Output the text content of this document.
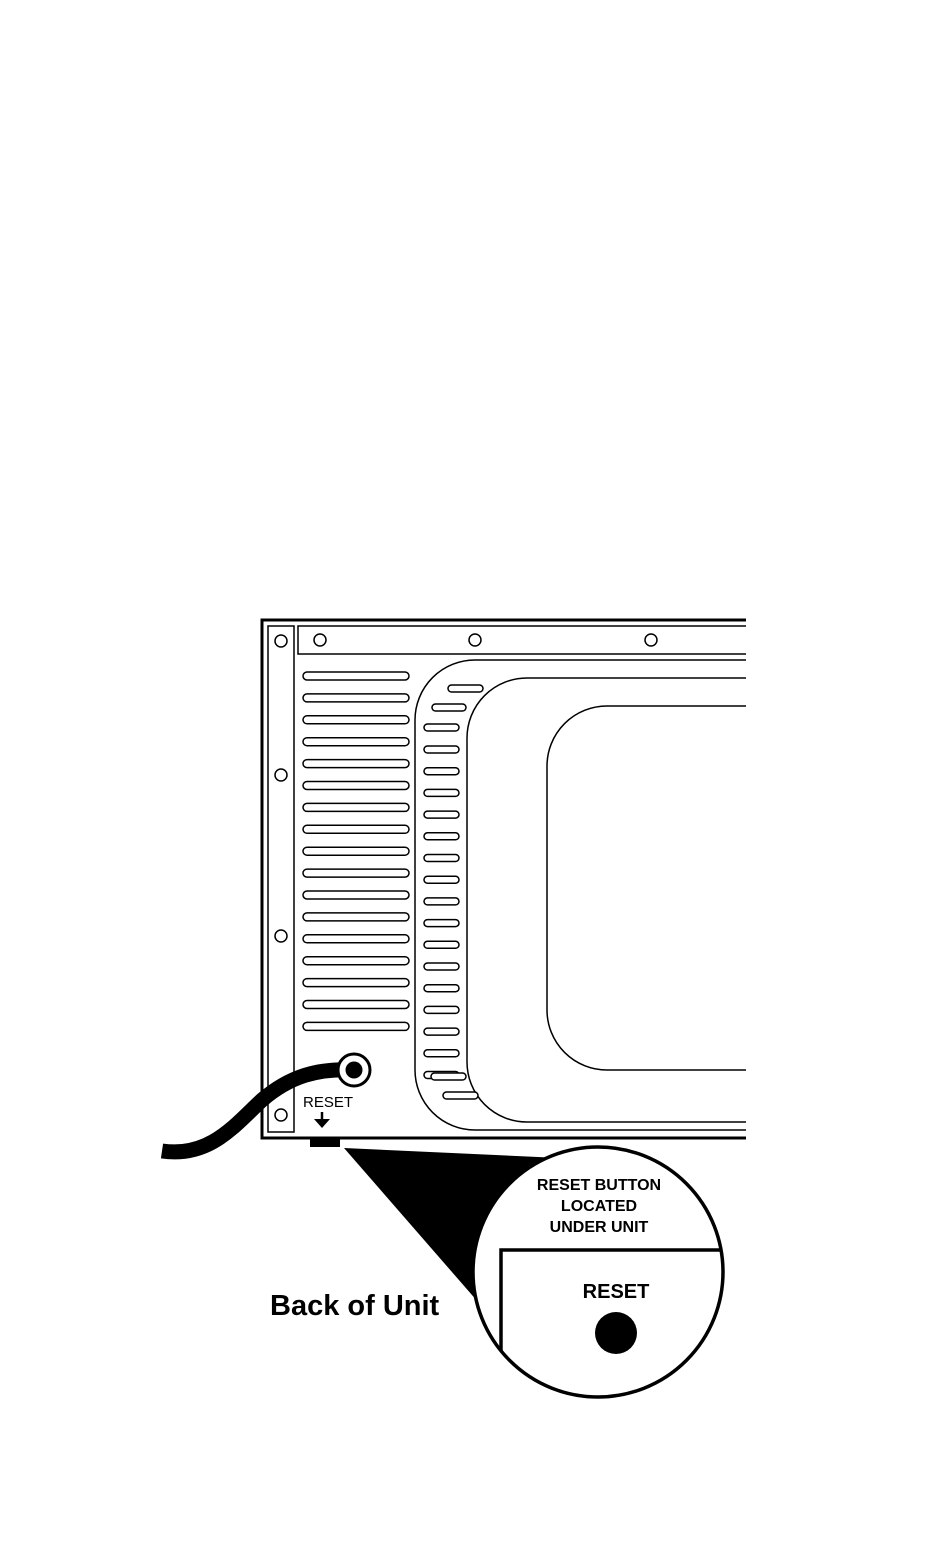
RESET
RESET BUTTON
LOCATED
UNDER UNIT
RESET
Back of Unit
